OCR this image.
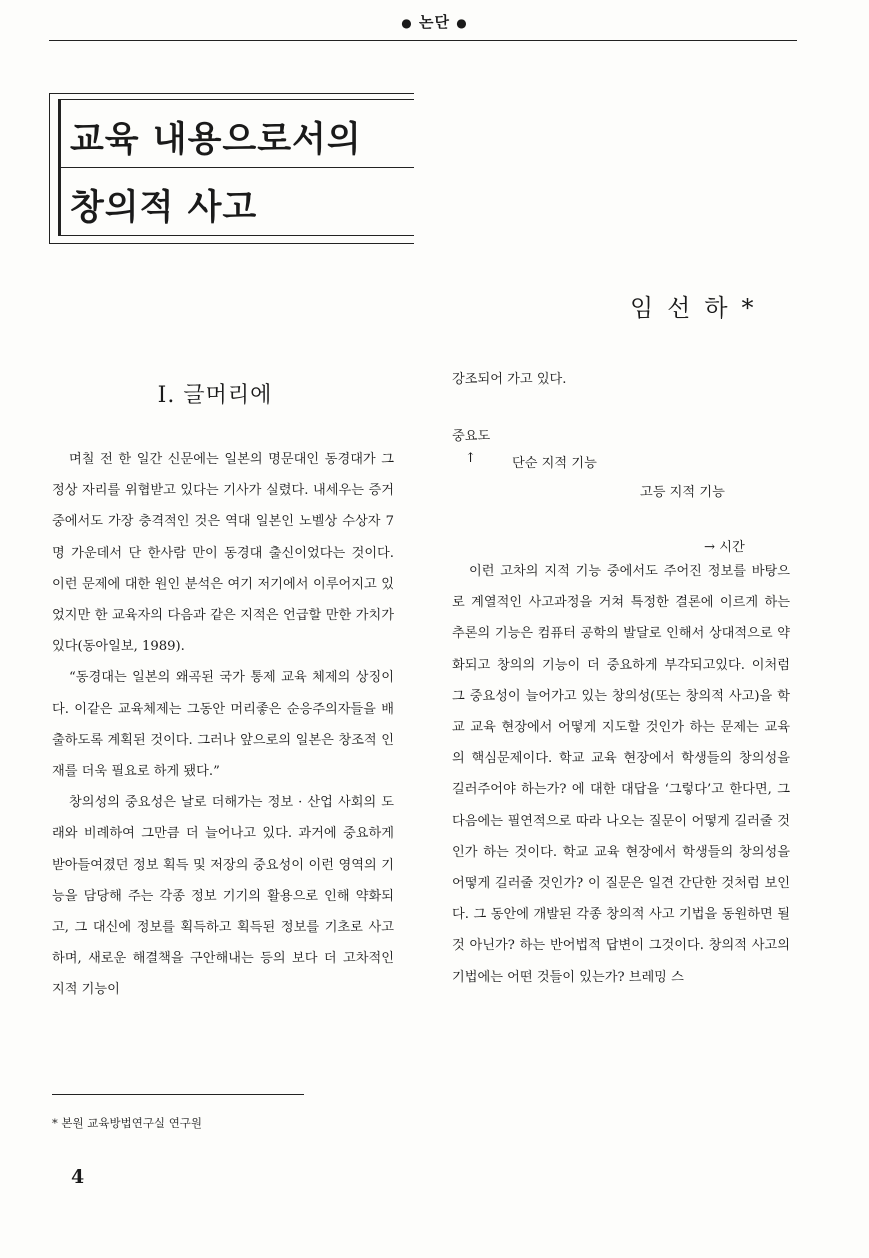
● 논단 ●
교육 내용으로서의
창의적 사고
임선하*
Ⅰ. 글머리에

며칠 전 한 일간 신문에는 일본의 명문대인 동경대가 그 정상 자리를 위협받고 있다는 기사가 실렸다. 내세우는 증거 중에서도 가장 충격적인 것은 역대 일본인 노벨상 수상자 7명 가운데서 단 한사람 만이 동경대 출신이었다는 것이다. 이런 문제에 대한 원인 분석은 여기 저기에서 이루어지고 있었지만 한 교육자의 다음과 같은 지적은 언급할 만한 가치가 있다(동아일보, 1989).

“동경대는 일본의 왜곡된 국가 통제 교육 체제의 상징이다. 이같은 교육체제는 그동안 머리좋은 순응주의자들을 배출하도록 계획된 것이다. 그러나 앞으로의 일본은 창조적 인재를 더욱 필요로 하게 됐다.”

창의성의 중요성은 날로 더해가는 정보 · 산업 사회의 도래와 비례하여 그만큼 더 늘어나고 있다. 과거에 중요하게 받아들여졌던 정보 획득 및 저장의 중요성이 이런 영역의 기능을 담당해 주는 각종 정보 기기의 활용으로 인해 약화되고, 그 대신에 정보를 획득하고 획득된 정보를 기초로 사고하며, 새로운 해결책을 구안해내는 등의 보다 더 고차적인 지적 기능이

강조되어 가고 있다.
중요도
↑	단순 지적 기능
고등 지적 기능
→ 시간

이런 고차의 지적 기능 중에서도 주어진 정보를 바탕으로 계열적인 사고과정을 거쳐 특정한 결론에 이르게 하는 추론의 기능은 컴퓨터 공학의 발달로 인해서 상대적으로 약화되고 창의의 기능이 더 중요하게 부각되고있다. 이처럼 그 중요성이 늘어가고 있는 창의성(또는 창의적 사고)을 학교 교육 현장에서 어떻게 지도할 것인가 하는 문제는 교육의 핵심문제이다. 학교 교육 현장에서 학생들의 창의성을 길러주어야 하는가? 에 대한 대답을 ‘그렇다’고 한다면, 그 다음에는 필연적으로 따라 나오는 질문이 어떻게 길러줄 것인가 하는 것이다. 학교 교육 현장에서 학생들의 창의성을 어떻게 길러줄 것인가? 이 질문은 일견 간단한 것처럼 보인다. 그 동안에 개발된 각종 창의적 사고 기법을 동원하면 될 것 아닌가? 하는 반어법적 답변이 그것이다. 창의적 사고의 기법에는 어떤 것들이 있는가? 브레밍 스

* 본원 교육방법연구실 연구원
4
